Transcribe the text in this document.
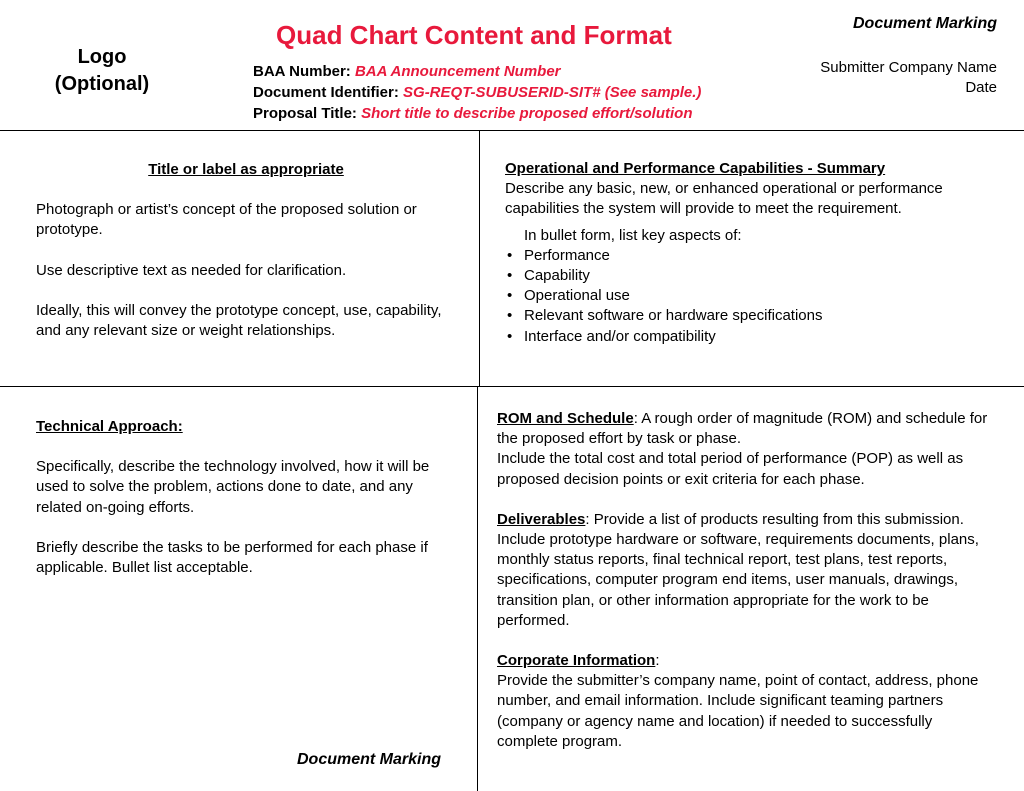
Logo
(Optional)
Quad Chart Content and Format	Document Marking
Submitter Company Name
Date
BAA Number: BAA Announcement Number
Document Identifier: SG-REQT-SUBUSERID-SIT# (See sample.)
Proposal Title: Short title to describe proposed effort/solution

Title or label as appropriate

Photograph or artist’s concept of the proposed solution or prototype.

Use descriptive text as needed for clarification.

Ideally, this will convey the prototype concept, use, capability, and any relevant size or weight relationships.

Operational and Performance Capabilities - Summary

Describe any basic, new, or enhanced operational or performance capabilities the system will provide to meet the requirement.

In bullet form, list key aspects of:

• Performance
• Capability
• Operational use
• Relevant software or hardware specifications
• Interface and/or compatibility

Technical Approach:

Specifically, describe the technology involved, how it will be used to solve the problem, actions done to date, and any related on-going efforts.

Briefly describe the tasks to be performed for each phase if applicable. Bullet list acceptable.

ROM and Schedule: A rough order of magnitude (ROM) and schedule for the proposed effort by task or phase.

Include the total cost and total period of performance (POP) as well as proposed decision points or exit criteria for each phase.

Deliverables: Provide a list of products resulting from this submission. Include prototype hardware or software, requirements documents, plans, monthly status reports, final technical report, test plans, test reports, specifications, computer program end items, user manuals, drawings, transition plan, or other information appropriate for the work to be performed.

Corporate Information:

Provide the submitter’s company name, point of contact, address, phone number, and email information. Include significant teaming partners (company or agency name and location) if needed to successfully complete program.

Document Marking
